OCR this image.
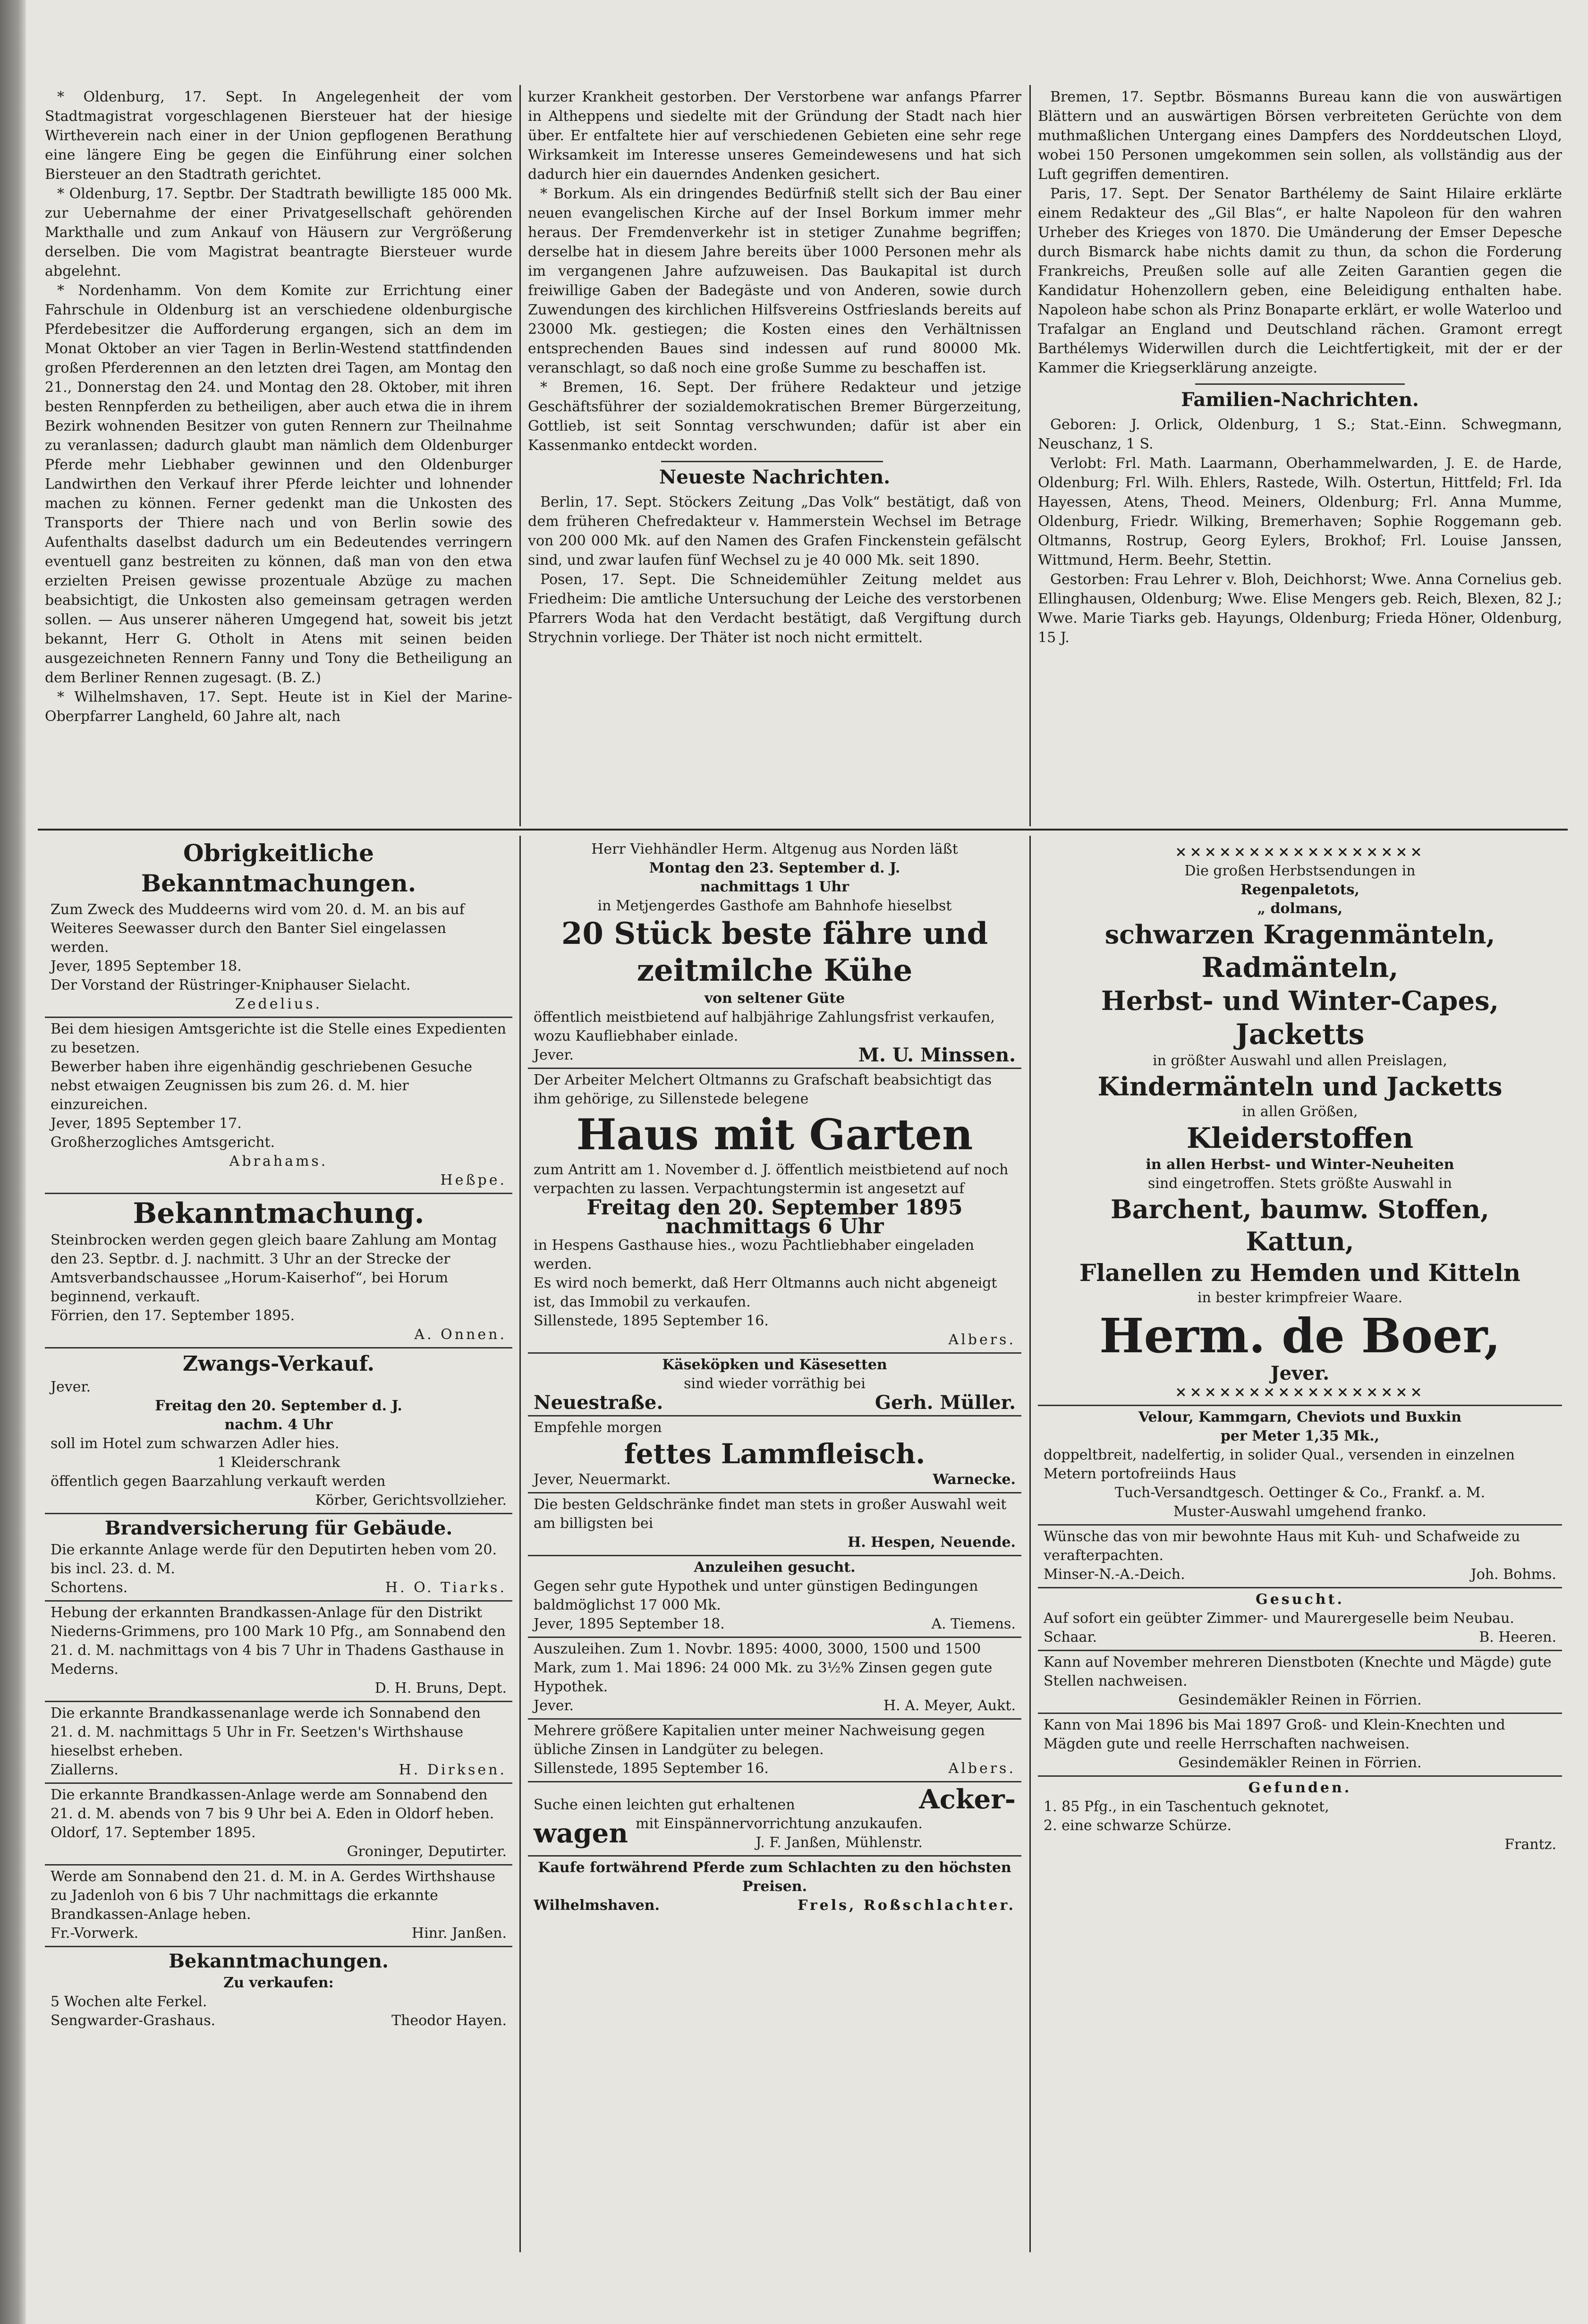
* Oldenburg, 17. Sept. In Angelegenheit der vom Stadtmagistrat vorgeschlagenen Biersteuer hat der hiesige Wirtheverein nach einer in der Union gepflogenen Berathung eine längere Eing be gegen die Einführung einer solchen Biersteuer an den Stadtrath gerichtet.

* Oldenburg, 17. Septbr. Der Stadtrath bewilligte 185 000 Mk. zur Uebernahme der einer Privatgesellschaft gehörenden Markthalle und zum Ankauf von Häusern zur Vergrößerung derselben. Die vom Magistrat beantragte Biersteuer wurde abgelehnt.

* Nordenhamm. Von dem Komite zur Errichtung einer Fahrschule in Oldenburg ist an verschiedene oldenburgische Pferdebesitzer die Aufforderung ergangen, sich an dem im Monat Oktober an vier Tagen in Berlin-Westend stattfindenden großen Pferderennen an den letzten drei Tagen, am Montag den 21., Donnerstag den 24. und Montag den 28. Oktober, mit ihren besten Rennpferden zu betheiligen, aber auch etwa die in ihrem Bezirk wohnenden Besitzer von guten Rennern zur Theilnahme zu veranlassen; dadurch glaubt man nämlich dem Oldenburger Pferde mehr Liebhaber gewinnen und den Oldenburger Landwirthen den Verkauf ihrer Pferde leichter und lohnender machen zu können. Ferner gedenkt man die Unkosten des Transports der Thiere nach und von Berlin sowie des Aufenthalts daselbst dadurch um ein Bedeutendes verringern eventuell ganz bestreiten zu können, daß man von den etwa erzielten Preisen gewisse prozentuale Abzüge zu machen beabsichtigt, die Unkosten also gemeinsam getragen werden sollen. — Aus unserer näheren Umgegend hat, soweit bis jetzt bekannt, Herr G. Otholt in Atens mit seinen beiden ausgezeichneten Rennern Fanny und Tony die Betheiligung an dem Berliner Rennen zugesagt. (B. Z.)

* Wilhelmshaven, 17. Sept. Heute ist in Kiel der Marine-Oberpfarrer Langheld, 60 Jahre alt, nach

kurzer Krankheit gestorben. Der Verstorbene war anfangs Pfarrer in Altheppens und siedelte mit der Gründung der Stadt nach hier über. Er entfaltete hier auf verschiedenen Gebieten eine sehr rege Wirksamkeit im Interesse unseres Gemeindewesens und hat sich dadurch hier ein dauerndes Andenken gesichert.

* Borkum. Als ein dringendes Bedürfniß stellt sich der Bau einer neuen evangelischen Kirche auf der Insel Borkum immer mehr heraus. Der Fremdenverkehr ist in stetiger Zunahme begriffen; derselbe hat in diesem Jahre bereits über 1000 Personen mehr als im vergangenen Jahre aufzuweisen. Das Baukapital ist durch freiwillige Gaben der Badegäste und von Anderen, sowie durch Zuwendungen des kirchlichen Hilfsvereins Ostfrieslands bereits auf 23000 Mk. gestiegen; die Kosten eines den Verhältnissen entsprechenden Baues sind indessen auf rund 80000 Mk. veranschlagt, so daß noch eine große Summe zu beschaffen ist.

* Bremen, 16. Sept. Der frühere Redakteur und jetzige Geschäftsführer der sozialdemokratischen Bremer Bürgerzeitung, Gottlieb, ist seit Sonntag verschwunden; dafür ist aber ein Kassenmanko entdeckt worden.

Neueste Nachrichten.

Berlin, 17. Sept. Stöckers Zeitung „Das Volk“ bestätigt, daß von dem früheren Chefredakteur v. Hammerstein Wechsel im Betrage von 200 000 Mk. auf den Namen des Grafen Finckenstein gefälscht sind, und zwar laufen fünf Wechsel zu je 40 000 Mk. seit 1890.

Posen, 17. Sept. Die Schneidemühler Zeitung meldet aus Friedheim: Die amtliche Untersuchung der Leiche des verstorbenen Pfarrers Woda hat den Verdacht bestätigt, daß Vergiftung durch Strychnin vorliege. Der Thäter ist noch nicht ermittelt.

Bremen, 17. Septbr. Bösmanns Bureau kann die von auswärtigen Blättern und an auswärtigen Börsen verbreiteten Gerüchte von dem muthmaßlichen Untergang eines Dampfers des Norddeutschen Lloyd, wobei 150 Personen umgekommen sein sollen, als vollständig aus der Luft gegriffen dementiren.

Paris, 17. Sept. Der Senator Barthélemy de Saint Hilaire erklärte einem Redakteur des „Gil Blas“, er halte Napoleon für den wahren Urheber des Krieges von 1870. Die Umänderung der Emser Depesche durch Bismarck habe nichts damit zu thun, da schon die Forderung Frankreichs, Preußen solle auf alle Zeiten Garantien gegen die Kandidatur Hohenzollern geben, eine Beleidigung enthalten habe. Napoleon habe schon als Prinz Bonaparte erklärt, er wolle Waterloo und Trafalgar an England und Deutschland rächen. Gramont erregt Barthélemys Widerwillen durch die Leichtfertigkeit, mit der er der Kammer die Kriegserklärung anzeigte.

Familien-Nachrichten.

Geboren: J. Orlick, Oldenburg, 1 S.; Stat.-Einn. Schwegmann, Neuschanz, 1 S.

Verlobt: Frl. Math. Laarmann, Oberhammelwarden, J. E. de Harde, Oldenburg; Frl. Wilh. Ehlers, Rastede, Wilh. Ostertun, Hittfeld; Frl. Ida Hayessen, Atens, Theod. Meiners, Oldenburg; Frl. Anna Mumme, Oldenburg, Friedr. Wilking, Bremerhaven; Sophie Roggemann geb. Oltmanns, Rostrup, Georg Eylers, Brokhof; Frl. Louise Janssen, Wittmund, Herm. Beehr, Stettin.

Gestorben: Frau Lehrer v. Bloh, Deichhorst; Wwe. Anna Cornelius geb. Ellinghausen, Oldenburg; Wwe. Elise Mengers geb. Reich, Blexen, 82 J.; Wwe. Marie Tiarks geb. Hayungs, Oldenburg; Frieda Höner, Oldenburg, 15 J.

Obrigkeitliche Bekanntmachungen.

Zum Zweck des Muddeerns wird vom 20. d. M. an bis auf Weiteres Seewasser durch den Banter Siel eingelassen werden.

Jever, 1895 September 18.

Der Vorstand der Rüstringer-Kniphauser Sielacht.

Zedelius.

Bei dem hiesigen Amtsgerichte ist die Stelle eines Expedienten zu besetzen.

Bewerber haben ihre eigenhändig geschriebenen Gesuche nebst etwaigen Zeugnissen bis zum 26. d. M. hier einzureichen.

Jever, 1895 September 17.

Großherzogliches Amtsgericht.

Abrahams.

Heßpe.

Bekanntmachung.

Steinbrocken werden gegen gleich baare Zahlung am Montag den 23. Septbr. d. J. nachmitt. 3 Uhr an der Strecke der Amtsverbandschaussee „Horum-Kaiserhof“, bei Horum beginnend, verkauft.

Förrien, den 17. September 1895.

A. Onnen.

Zwangs-Verkauf.

Jever.

Freitag den 20. September d. J.

nachm. 4 Uhr

soll im Hotel zum schwarzen Adler hies.

1 Kleiderschrank

öffentlich gegen Baarzahlung verkauft werden

Körber, Gerichtsvollzieher.

Brandversicherung für Gebäude.

Die erkannte Anlage werde für den Deputirten heben vom 20. bis incl. 23. d. M.

Schortens.	H. O. Tiarks.

Hebung der erkannten Brandkassen-Anlage für den Distrikt Niederns-Grimmens, pro 100 Mark 10 Pfg., am Sonnabend den 21. d. M. nachmittags von 4 bis 7 Uhr in Thadens Gasthause in Mederns.

D. H. Bruns, Dept.

Die erkannte Brandkassenanlage werde ich Sonnabend den 21. d. M. nachmittags 5 Uhr in Fr. Seetzen's Wirthshause hieselbst erheben.

Ziallerns.	H. Dirksen.

Die erkannte Brandkassen-Anlage werde am Sonnabend den 21. d. M. abends von 7 bis 9 Uhr bei A. Eden in Oldorf heben.

Oldorf, 17. September 1895.

Groninger, Deputirter.

Werde am Sonnabend den 21. d. M. in A. Gerdes Wirthshause zu Jadenloh von 6 bis 7 Uhr nachmittags die erkannte Brandkassen-Anlage heben.

Fr.-Vorwerk.	Hinr. Janßen.

Bekanntmachungen.

Zu verkaufen:

5 Wochen alte Ferkel.

Sengwarder-Grashaus.	Theodor Hayen.

Herr Viehhändler Herm. Altgenug aus Norden läßt

Montag den 23. September d. J.

nachmittags 1 Uhr

in Metjengerdes Gasthofe am Bahnhofe hieselbst

20 Stück beste fähre und

zeitmilche Kühe

von seltener Güte

öffentlich meistbietend auf halbjährige Zahlungsfrist verkaufen, wozu Kaufliebhaber einlade.

Jever.	M. U. Minssen.

Der Arbeiter Melchert Oltmanns zu Grafschaft beabsichtigt das ihm gehörige, zu Sillenstede belegene

Haus mit Garten

zum Antritt am 1. November d. J. öffentlich meistbietend auf noch verpachten zu lassen. Verpachtungstermin ist angesetzt auf

Freitag den 20. September 1895

nachmittags 6 Uhr

in Hespens Gasthause hies., wozu Pachtliebhaber eingeladen werden.

Es wird noch bemerkt, daß Herr Oltmanns auch nicht abgeneigt ist, das Immobil zu verkaufen.

Sillenstede, 1895 September 16.

Albers.

Käseköpken und Käsesetten

sind wieder vorräthig bei

Neuestraße.	Gerh. Müller.

Empfehle morgen

fettes Lammfleisch.

Jever, Neuermarkt.	Warnecke.

Die besten Geldschränke findet man stets in großer Auswahl weit am billigsten bei

H. Hespen, Neuende.

Anzuleihen gesucht.

Gegen sehr gute Hypothek und unter günstigen Bedingungen baldmöglichst 17 000 Mk.

Jever, 1895 September 18.	A. Tiemens.

Auszuleihen. Zum 1. Novbr. 1895: 4000, 3000, 1500 und 1500 Mark, zum 1. Mai 1896: 24 000 Mk. zu 3½% Zinsen gegen gute Hypothek.

Jever.	H. A. Meyer, Aukt.

Mehrere größere Kapitalien unter meiner Nachweisung gegen übliche Zinsen in Landgüter zu belegen.

Sillenstede, 1895 September 16.	Albers.

Suche einen leichten gut erhaltenen	Acker-

wagen mit Einspännervorrichtung anzukaufen.

J. F. Janßen, Mühlenstr.

Kaufe fortwährend Pferde zum Schlachten zu den höchsten Preisen.

Wilhelmshaven.	Frels, Roßschlachter.

×××××××××××××××××

Die großen Herbstsendungen in

Regenpaletots,

„ dolmans,

schwarzen Kragenmänteln,

Radmänteln,

Herbst- und Winter-Capes,

Jacketts

in größter Auswahl und allen Preislagen,

Kindermänteln und Jacketts

in allen Größen,

Kleiderstoffen

in allen Herbst- und Winter-Neuheiten

sind eingetroffen. Stets größte Auswahl in

Barchent, baumw. Stoffen,

Kattun,

Flanellen zu Hemden und Kitteln

in bester krimpfreier Waare.

Herm. de Boer,

Jever.

×××××××××××××××××

Velour, Kammgarn, Cheviots und Buxkin

per Meter 1,35 Mk.,

doppeltbreit, nadelfertig, in solider Qual., versenden in einzelnen Metern portofreiinds Haus

Tuch-Versandtgesch. Oettinger & Co., Frankf. a. M.

Muster-Auswahl umgehend franko.

Wünsche das von mir bewohnte Haus mit Kuh- und Schafweide zu verafterpachten.

Minser-N.-A.-Deich.	Joh. Bohms.

Gesucht.

Auf sofort ein geübter Zimmer- und Maurergeselle beim Neubau.

Schaar.	B. Heeren.

Kann auf November mehreren Dienstboten (Knechte und Mägde) gute Stellen nachweisen.

Gesindemäkler Reinen in Förrien.

Kann von Mai 1896 bis Mai 1897 Groß- und Klein-Knechten und Mägden gute und reelle Herrschaften nachweisen.

Gesindemäkler Reinen in Förrien.

Gefunden.

1. 85 Pfg., in ein Taschentuch geknotet,

2. eine schwarze Schürze.

Frantz.
